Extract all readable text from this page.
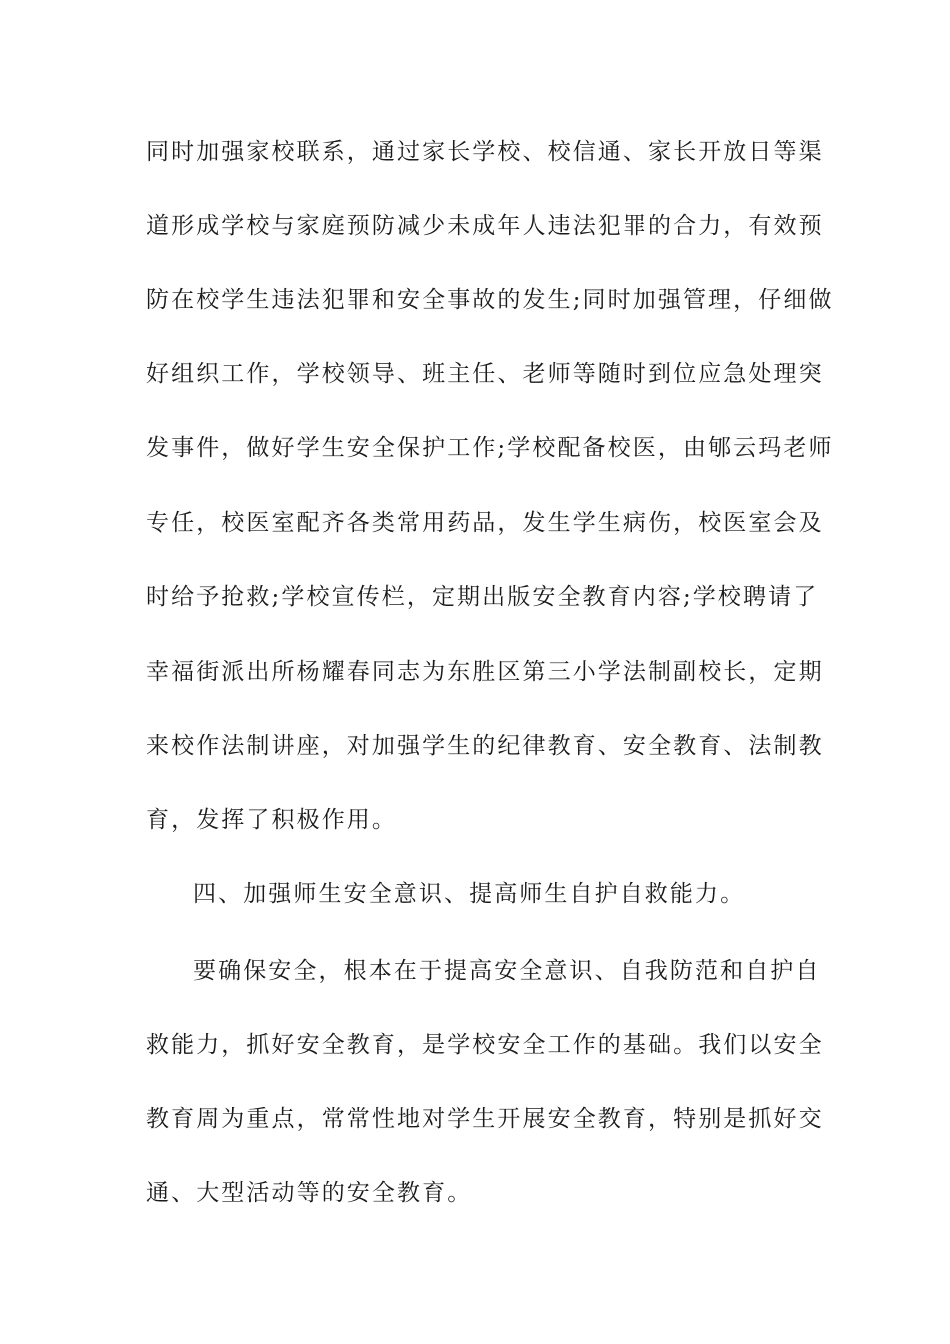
同时加强家校联系，通过家长学校、校信通、家长开放日等渠
道形成学校与家庭预防减少未成年人违法犯罪的合力，有效预
防在校学生违法犯罪和安全事故的发生;同时加强管理，仔细做
好组织工作，学校领导、班主任、老师等随时到位应急处理突
发事件，做好学生安全保护工作;学校配备校医，由郇云玛老师
专任，校医室配齐各类常用药品，发生学生病伤，校医室会及
时给予抢救;学校宣传栏，定期出版安全教育内容;学校聘请了
幸福街派出所杨耀春同志为东胜区第三小学法制副校长，定期
来校作法制讲座，对加强学生的纪律教育、安全教育、法制教
育，发挥了积极作用。
四、加强师生安全意识、提高师生自护自救能力。
要确保安全，根本在于提高安全意识、自我防范和自护自
救能力，抓好安全教育，是学校安全工作的基础。我们以安全
教育周为重点，常常性地对学生开展安全教育，特别是抓好交
通、大型活动等的安全教育。
